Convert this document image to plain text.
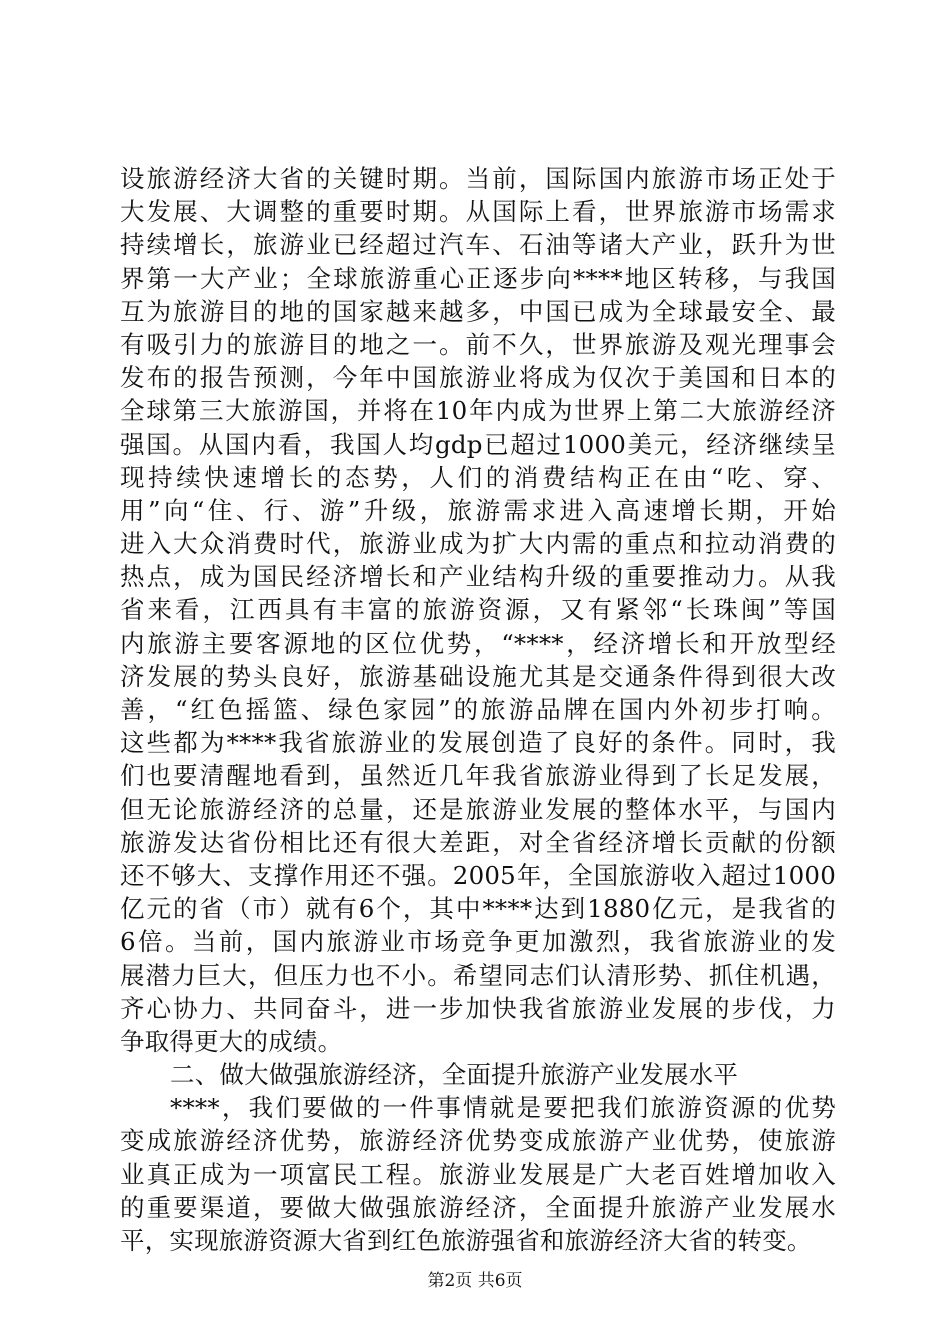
设旅游经济大省的关键时期。当前，国际国内旅游市场正处于
大发展、大调整的重要时期。从国际上看，世界旅游市场需求
持续增长，旅游业已经超过汽车、石油等诸大产业，跃升为世
界第一大产业；全球旅游重心正逐步向****地区转移，与我国
互为旅游目的地的国家越来越多，中国已成为全球最安全、最
有吸引力的旅游目的地之一。前不久，世界旅游及观光理事会
发布的报告预测，今年中国旅游业将成为仅次于美国和日本的
全球第三大旅游国，并将在10年内成为世界上第二大旅游经济
强国。从国内看，我国人均gdp已超过1000美元，经济继续呈
现持续快速增长的态势，人们的消费结构正在由“吃、穿、
用”向“住、行、游”升级，旅游需求进入高速增长期，开始
进入大众消费时代，旅游业成为扩大内需的重点和拉动消费的
热点，成为国民经济增长和产业结构升级的重要推动力。从我
省来看，江西具有丰富的旅游资源，又有紧邻“长珠闽”等国
内旅游主要客源地的区位优势，“****，经济增长和开放型经
济发展的势头良好，旅游基础设施尤其是交通条件得到很大改
善，“红色摇篮、绿色家园”的旅游品牌在国内外初步打响。
这些都为****我省旅游业的发展创造了良好的条件。同时，我
们也要清醒地看到，虽然近几年我省旅游业得到了长足发展，
但无论旅游经济的总量，还是旅游业发展的整体水平，与国内
旅游发达省份相比还有很大差距，对全省经济增长贡献的份额
还不够大、支撑作用还不强。2005年，全国旅游收入超过1000
亿元的省（市）就有6个，其中****达到1880亿元，是我省的
6倍。当前，国内旅游业市场竞争更加激烈，我省旅游业的发
展潜力巨大，但压力也不小。希望同志们认清形势、抓住机遇，
齐心协力、共同奋斗，进一步加快我省旅游业发展的步伐，力
争取得更大的成绩。
二、做大做强旅游经济，全面提升旅游产业发展水平
****，我们要做的一件事情就是要把我们旅游资源的优势
变成旅游经济优势，旅游经济优势变成旅游产业优势，使旅游
业真正成为一项富民工程。旅游业发展是广大老百姓增加收入
的重要渠道，要做大做强旅游经济，全面提升旅游产业发展水
平，实现旅游资源大省到红色旅游强省和旅游经济大省的转变。
第2页 共6页
